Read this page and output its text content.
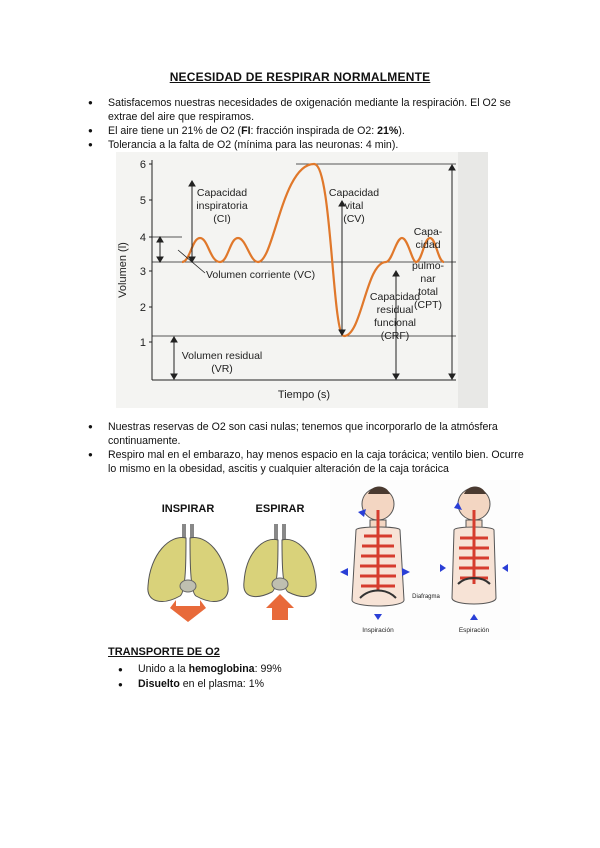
NECESIDAD DE RESPIRAR NORMALMENTE
● Satisfacemos nuestras necesidades de oxigenación mediante la respiración. El O2 se extrae del aire que respiramos.
● El aire tiene un 21% de O2 (FI: fracción inspirada de O2: 21%).
● Tolerancia a la falta de O2 (mínima para las neuronas: 4 min).
6
5
4
3
2
1
Volumen (l)
Tiempo (s)
Capacidad
inspiratoria
(CI)
Capacidad
vital
(CV)
Capa-
cidad
pulmo-
nar
total
(CPT)
Capacidad
residual
funcional
(CRF)
Volumen residual
(VR)
Volumen corriente (VC)
● Nuestras reservas de O2 son casi nulas; tenemos que incorporarlo de la atmósfera continuamente.
● Respiro mal en el embarazo, hay menos espacio en la caja torácica; ventilo bien. Ocurre lo mismo en la obesidad, ascitis y cualquier alteración de la caja torácica
INSPIRAR	ESPIRAR
Inspiración	Espiración
Diafragma
TRANSPORTE DE O2
● Unido a la hemoglobina: 99%
● Disuelto en el plasma: 1%
